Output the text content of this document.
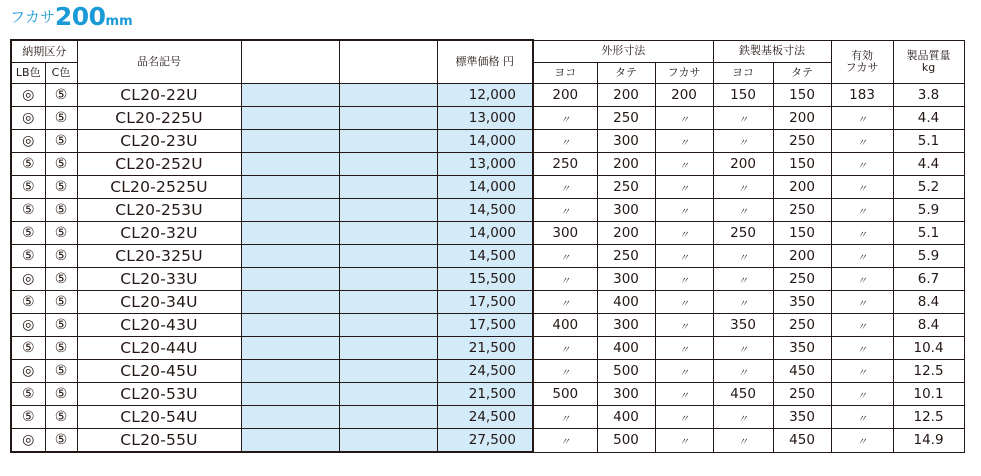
フカサ200mm
納期区分		品名記号			標準価格 円	外形寸法			鉄製基板寸法		有効
フカサ	製品質量
kg
LB色	C色					ヨコ	タテ	フカサ	ヨコ	タテ		
◎	⑤	CL20-22U			12,000	200	200	200	150	150	183	3.8
◎	⑤	CL20-225U			13,000	〃	250	〃	〃	200	〃	4.4
◎	⑤	CL20-23U			14,000	〃	300	〃	〃	250	〃	5.1
⑤	⑤	CL20-252U			13,000	250	200	〃	200	150	〃	4.4
⑤	⑤	CL20-2525U			14,000	〃	250	〃	〃	200	〃	5.2
⑤	⑤	CL20-253U			14,500	〃	300	〃	〃	250	〃	5.9
⑤	⑤	CL20-32U			14,000	300	200	〃	250	150	〃	5.1
⑤	⑤	CL20-325U			14,500	〃	250	〃	〃	200	〃	5.9
◎	⑤	CL20-33U			15,500	〃	300	〃	〃	250	〃	6.7
⑤	⑤	CL20-34U			17,500	〃	400	〃	〃	350	〃	8.4
◎	⑤	CL20-43U			17,500	400	300	〃	350	250	〃	8.4
⑤	⑤	CL20-44U			21,500	〃	400	〃	〃	350	〃	10.4
◎	⑤	CL20-45U			24,500	〃	500	〃	〃	450	〃	12.5
⑤	⑤	CL20-53U			21,500	500	300	〃	450	250	〃	10.1
⑤	⑤	CL20-54U			24,500	〃	400	〃	〃	350	〃	12.5
◎	⑤	CL20-55U			27,500	〃	500	〃	〃	450	〃	14.9
